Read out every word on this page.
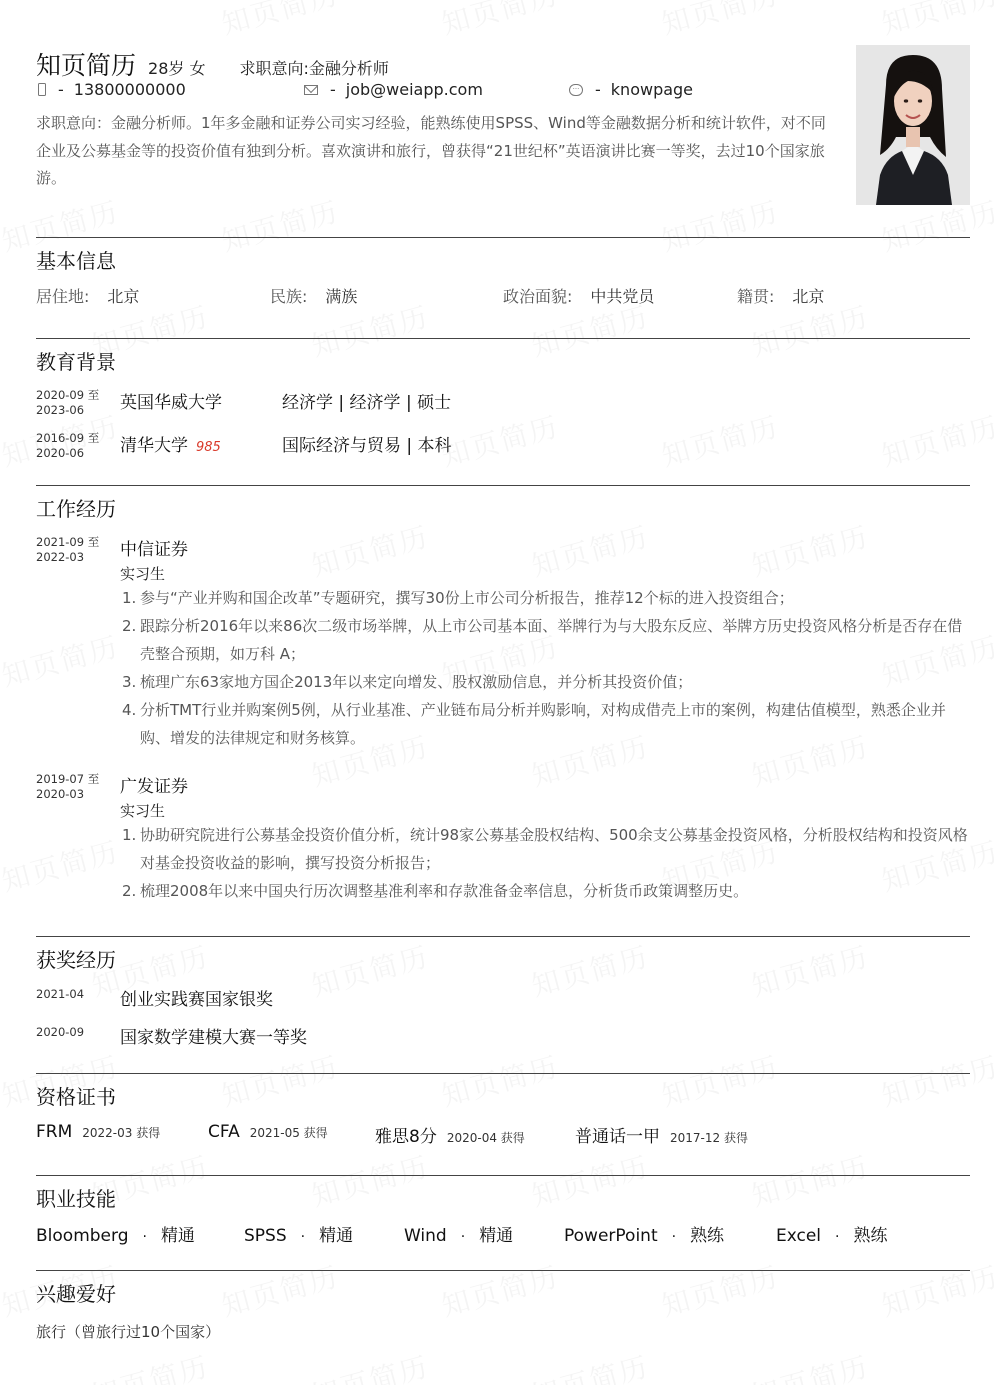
知页简历 28岁 女 求职意向:金融分析师
- 13800000000	- job@weiapp.com	··· - knowpage
求职意向：金融分析师。1年多金融和证券公司实习经验，能熟练使用SPSS、Wind等金融数据分析和统计软件，对不同企业及公募基金等的投资价值有独到分析。喜欢演讲和旅行，曾获得“21世纪杯”英语演讲比赛一等奖，去过10个国家旅游。
基本信息
居住地: 北京	民族: 满族	政治面貌: 中共党员	籍贯: 北京
教育背景
2020-09 至
2023-06	英国华威大学	经济学 | 经济学 | 硕士
2016-09 至
2020-06	清华大学 985	国际经济与贸易 | 本科
工作经历
2021-09 至
2022-03	中信证券
实习生
1. 参与“产业并购和国企改革”专题研究，撰写30份上市公司分析报告，推荐12个标的进入投资组合；
2. 跟踪分析2016年以来86次二级市场举牌，从上市公司基本面、举牌行为与大股东反应、举牌方历史投资风格分析是否存在借壳整合预期，如万科 A；
3. 梳理广东63家地方国企2013年以来定向增发、股权激励信息，并分析其投资价值；
4. 分析TMT行业并购案例5例，从行业基准、产业链布局分析并购影响，对构成借壳上市的案例，构建估值模型，熟悉企业并购、增发的法律规定和财务核算。
2019-07 至
2020-03	广发证券
实习生
1. 协助研究院进行公募基金投资价值分析，统计98家公募基金股权结构、500余支公募基金投资风格，分析股权结构和投资风格对基金投资收益的影响，撰写投资分析报告；
2. 梳理2008年以来中国央行历次调整基准利率和存款准备金率信息，分析货币政策调整历史。
获奖经历
2021-04 创业实践赛国家银奖
2020-09 国家数学建模大赛一等奖
资格证书
FRM 2022-03 获得	CFA 2021-05 获得	雅思8分 2020-04 获得	普通话一甲 2017-12 获得
职业技能
Bloomberg · 精通	SPSS · 精通	Wind · 精通	PowerPoint · 熟练	Excel · 熟练
兴趣爱好
旅行（曾旅行过10个国家）
